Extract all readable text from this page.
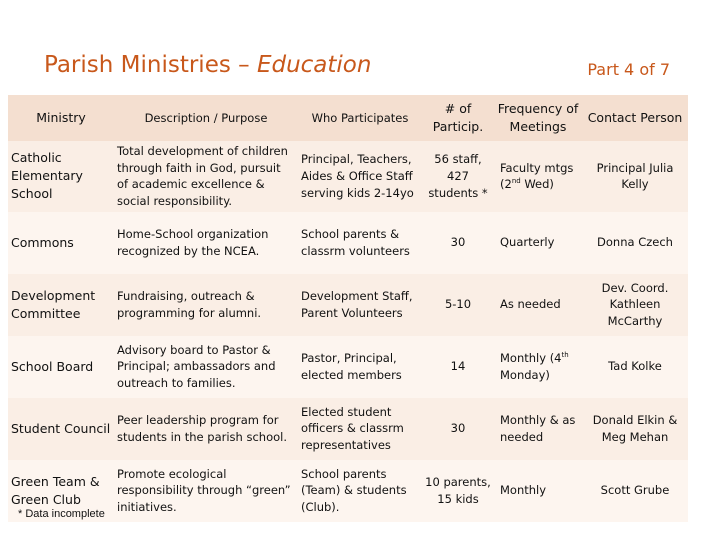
Parish Ministries – Education	Part 4 of 7
Ministry	Description / Purpose	Who Participates	# of Particip.	Frequency of Meetings	Contact Person
Catholic Elementary School	Total development of children through faith in God, pursuit of academic excellence & social responsibility.	Principal, Teachers, Aides & Office Staff serving kids 2-14yo	56 staff, 427 students *	Faculty mtgs (2nd Wed)	Principal Julia Kelly
Commons	Home-School organization recognized by the NCEA.	School parents & classrm volunteers	30	Quarterly	Donna Czech
Development Committee	Fundraising, outreach & programming for alumni.	Development Staff, Parent Volunteers	5-10	As needed	Dev. Coord. Kathleen McCarthy
School Board	Advisory board to Pastor & Principal; ambassadors and outreach to families.	Pastor, Principal, elected members	14	Monthly (4th Monday)	Tad Kolke
Student Council	Peer leadership program for students in the parish school.	Elected student officers & classrm representatives	30	Monthly & as needed	Donald Elkin & Meg Mehan
Green Team & Green Club	Promote ecological responsibility through “green” initiatives.	School parents (Team) & students (Club).	10 parents, 15 kids	Monthly	Scott Grube
* Data incomplete
